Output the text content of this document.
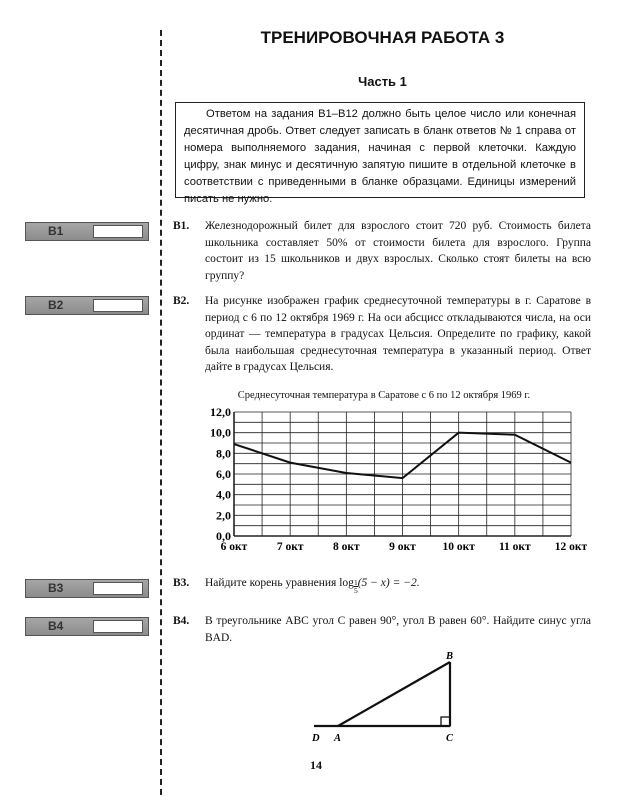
B1
B2
B3
B4
ТРЕНИРОВОЧНАЯ РАБОТА 3
Часть 1
Ответом на задания B1–B12 должно быть целое число или конечная десятичная дробь. Ответ следует записать в бланк ответов № 1 справа от номера выполняемого задания, начиная с первой клеточки. Каждую цифру, знак минус и десятичную запятую пишите в отдельной клеточке в соответствии с приведенными в бланке образцами. Единицы измерений писать не нужно.
B1. Железнодорожный билет для взрослого стоит 720 руб. Стоимость билета школьника составляет 50% от стоимости билета для взрослого. Группа состоит из 15 школьников и двух взрослых. Сколько стоят билеты на всю группу?
B2. На рисунке изображен график среднесуточной температуры в г. Саратове в период с 6 по 12 октября 1969 г. На оси абсцисс откладываются числа, на оси ординат — температура в градусах Цельсия. Определите по графику, какой была наибольшая среднесуточная температура в указанный период. Ответ дайте в градусах Цельсия.
Среднесуточная температура в Саратове с 6 по 12 октября 1969 г.
0,0
2,0
4,0
6,0
8,0
10,0
12,0
6 окт	7 окт	8 окт	9 окт 10 окт 11 окт 12 окт
B3. Найдите корень уравнения $\log \frac{1}{5} (5 - x) = -2$.
B4. В треугольнике ABC угол C равен 90°, угол B равен 60°. Найдите синус угла BAD.
B
D A	C
14
